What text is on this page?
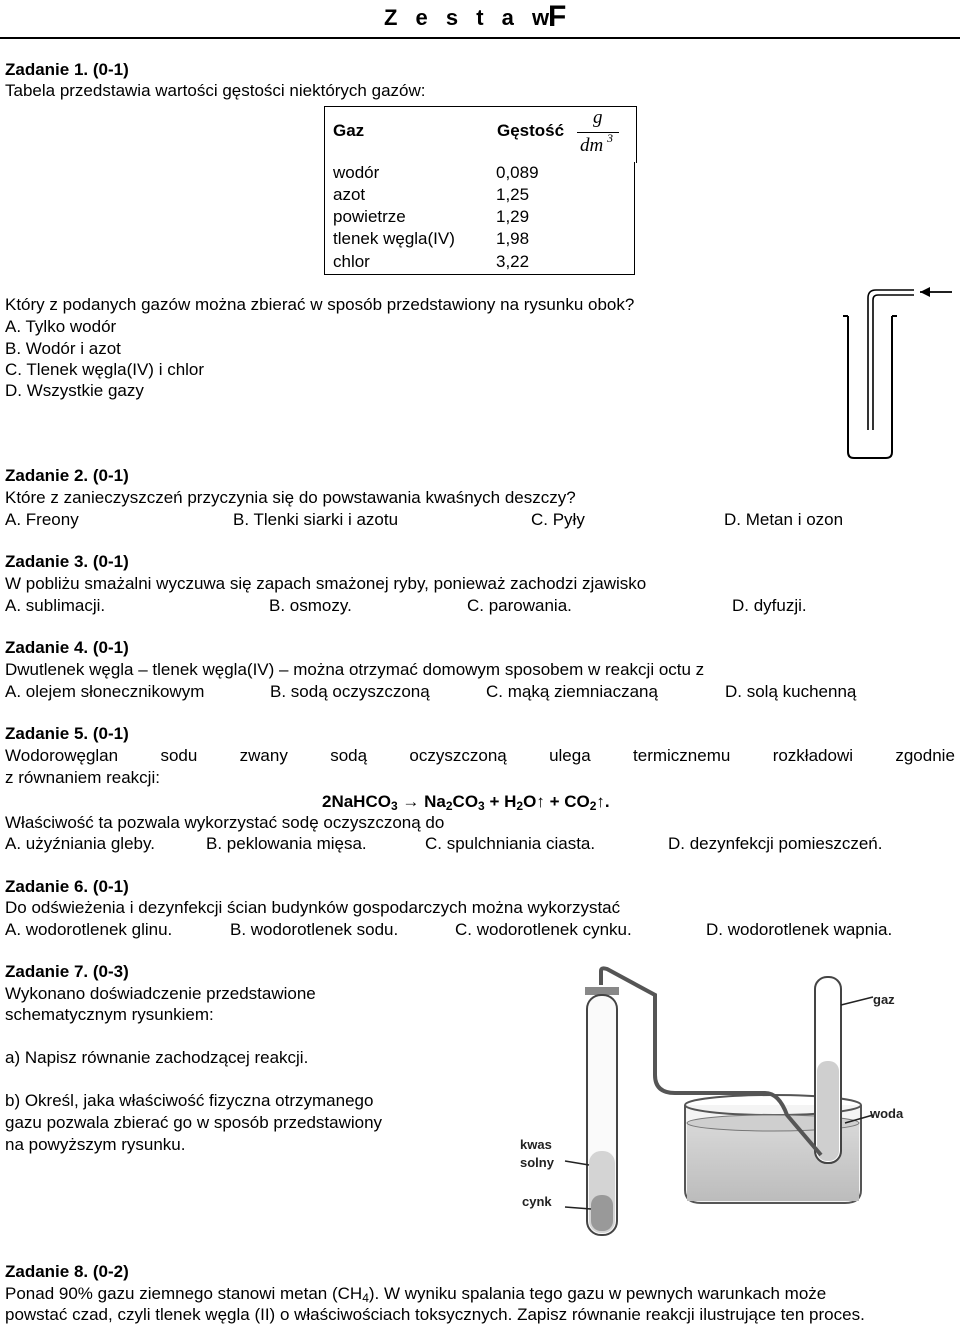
Z e s t a w
F
Zadanie 1. (0-1)
Tabela przedstawia wartości gęstości niektórych gazów:
Gaz	Gęstość
g
dm 3
wodór	0,089
azot	1,25
powietrze	1,29
tlenek węgla(IV)	1,98
chlor	3,22
Który z podanych gazów można zbierać w sposób przedstawiony na rysunku obok?
A. Tylko wodór
B. Wodór i azot
C. Tlenek węgla(IV) i chlor
D. Wszystkie gazy
Zadanie 2. (0-1)
Które z zanieczyszczeń przyczynia się do powstawania kwaśnych deszczy?
A. Freony	B. Tlenki siarki i azotu	C. Pyły	D. Metan i ozon
Zadanie 3. (0-1)
W pobliżu smażalni wyczuwa się zapach smażonej ryby, ponieważ zachodzi zjawisko
A. sublimacji.	B. osmozy.	C. parowania.	D. dyfuzji.
Zadanie 4. (0-1)
Dwutlenek węgla – tlenek węgla(IV) – można otrzymać domowym sposobem w reakcji octu z
A. olejem słonecznikowym	B. sodą oczyszczoną	C. mąką ziemniaczaną	D. solą kuchenną
Zadanie 5. (0-1)
Wodorowęglan sodu zwany sodą oczyszczoną ulega termicznemu rozkładowi zgodnie
z równaniem reakcji:
2NaHCO$_3$ → $Na_2CO_3$ + $H_2O↑$ + $CO_2↑$.
Właściwość ta pozwala wykorzystać sodę oczyszczoną do
A. użyźniania gleby.	B. peklowania mięsa.	C. spulchniania ciasta.	D. dezynfekcji pomieszczeń.
Zadanie 6. (0-1)
Do odświeżenia i dezynfekcji ścian budynków gospodarczych można wykorzystać
A. wodorotlenek glinu.	B. wodorotlenek sodu.	C. wodorotlenek cynku.	D. wodorotlenek wapnia.
Zadanie 7. (0-3)
Wykonano doświadczenie przedstawione
schematycznym rysunkiem:
a) Napisz równanie zachodzącej reakcji.
b) Określ, jaka właściwość fizyczna otrzymanego
gazu pozwala zbierać go w sposób przedstawiony
na powyższym rysunku.
gaz
woda
kwas
solny
cynk
Zadanie 8. (0-2)
Ponad 90% gazu ziemnego stanowi metan $(CH_4)$. W wyniku spalania tego gazu w pewnych warunkach może
powstać czad, czyli tlenek węgla (II) o właściwościach toksycznych. Zapisz równanie reakcji ilustrujące ten proces.
